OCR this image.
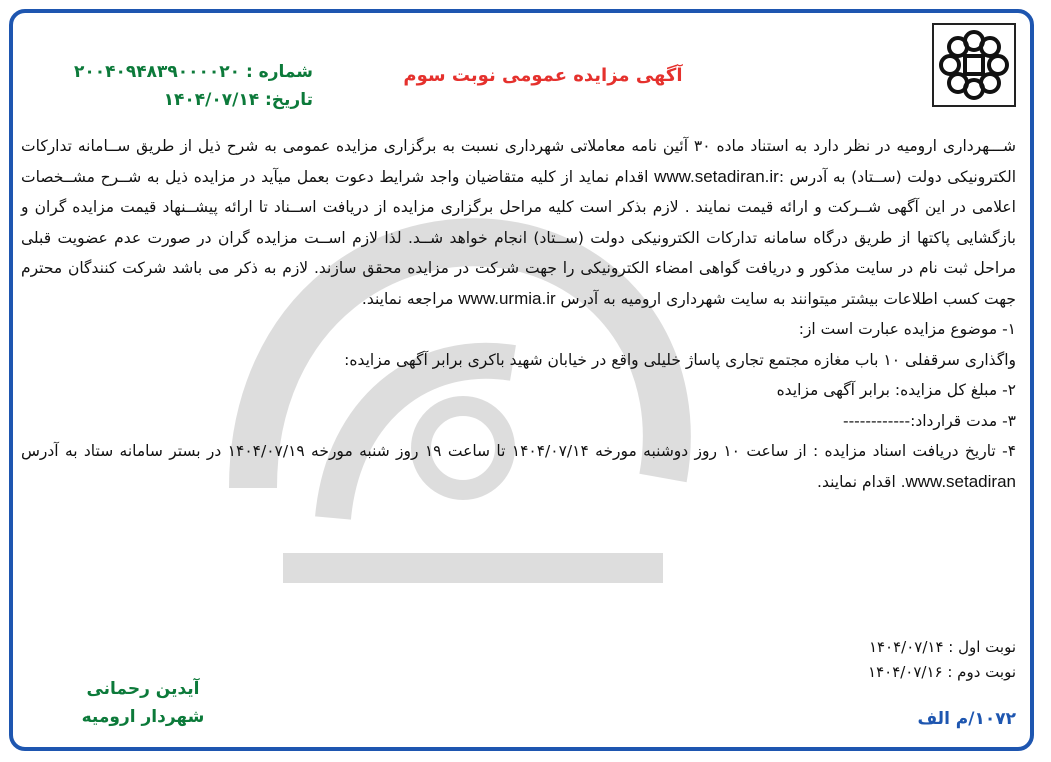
آگهی مزایده عمومی نوبت سوم
شماره : ۲۰۰۴۰۹۴۸۳۹۰۰۰۰۲۰
تاریخ: ۱۴۰۴/۰۷/۱۴

شـــهرداری ارومیه در نظر دارد به استناد ماده ۳۰ آئین نامه معاملاتی شهرداری نسبت به برگزاری مزایده عمومی به شرح ذیل از طریق ســامانه تدارکات الکترونیکی دولت (ســتاد) به آدرس :www.setadiran.ir اقدام نماید از کلیه متقاضیان واجد شرایط دعوت بعمل میآید در مزایده ذیل به شــرح مشــخصات اعلامی در این آگهی شــرکت و ارائه قیمت نمایند . لازم بذکر است کلیه مراحل برگزاری مزایده از دریافت اســناد تا ارائه پیشــنهاد قیمت مزایده گران و بازگشایی پاکتها از طریق درگاه سامانه تدارکات الکترونیکی دولت (ســتاد) انجام خواهد شــد. لذا لازم اســت مزایده گران در صورت عدم عضویت قبلی مراحل ثبت نام در سایت مذکور و دریافت گواهی امضاء الکترونیکی را جهت شرکت در مزایده محقق سازند. لازم به ذکر می باشد شرکت کنندگان محترم جهت کسب اطلاعات بیشتر میتوانند به سایت شهرداری ارومیه به آدرس www.urmia.ir مراجعه نمایند.

۱- موضوع مزایده عبارت است از:

واگذاری سرقفلی ۱۰ باب مغازه مجتمع تجاری پاساژ خلیلی واقع در خیابان شهید باکری برابر آگهی مزایده:

۲- مبلغ کل مزایده: برابر آگهی مزایده

۳- مدت قرارداد:------------

۴- تاریخ دریافت اسناد مزایده : از ساعت ۱۰ روز دوشنبه مورخه ۱۴۰۴/۰۷/۱۴ تا ساعت ۱۹ روز شنبه مورخه ۱۴۰۴/۰۷/۱۹ در بستر سامانه ستاد به آدرس www.setadiran. اقدام نمایند.

نوبت اول : ۱۴۰۴/۰۷/۱۴
نوبت دوم : ۱۴۰۴/۰۷/۱۶
آیدین رحمانی
شهردار ارومیه	۱۰۷۲/م الف
